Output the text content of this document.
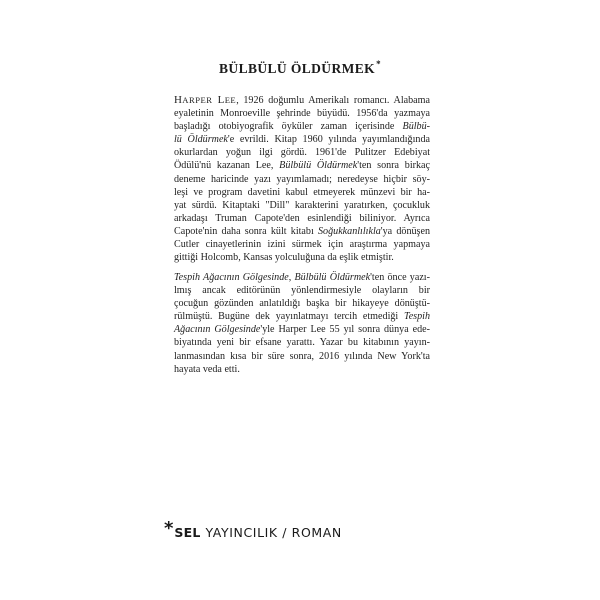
BÜLBÜLÜ ÖLDÜRMEK*
HARPER LEE, 1926 doğumlu Amerikalı romancı. Alabama
eyaletinin Monroeville şehrinde büyüdü. 1956'da yazmaya
başladığı otobiyografik öyküler zaman içerisinde Bülbü-
lü Öldürmek'e evrildi. Kitap 1960 yılında yayımlandığında
okurlardan yoğun ilgi gördü. 1961'de Pulitzer Edebiyat
Ödülü'nü kazanan Lee, Bülbülü Öldürmek'ten sonra birkaç
deneme haricinde yazı yayımlamadı; neredeyse hiçbir söy-
leşi ve program davetini kabul etmeyerek münzevi bir ha-
yat sürdü. Kitaptaki "Dill" karakterini yaratırken, çocukluk
arkadaşı Truman Capote'den esinlendiği biliniyor. Ayrıca
Capote'nin daha sonra kült kitabı Soğukkanlılıkla'ya dönüşen
Cutler cinayetlerinin izini sürmek için araştırma yapmaya
gittiği Holcomb, Kansas yolculuğuna da eşlik etmiştir.
Tespih Ağacının Gölgesinde, Bülbülü Öldürmek'ten önce yazı-
lmış ancak editörünün yönlendirmesiyle olayların bir
çocuğun gözünden anlatıldığı başka bir hikayeye dönüştü-
rülmüştü. Bugüne dek yayınlatmayı tercih etmediği Tespih
Ağacının Gölgesinde'yle Harper Lee 55 yıl sonra dünya ede-
biyatında yeni bir efsane yarattı. Yazar bu kitabının yayın-
lanmasından kısa bir süre sonra, 2016 yılında New York'ta
hayata veda etti.
* SEL YAYINCILIK / ROMAN
